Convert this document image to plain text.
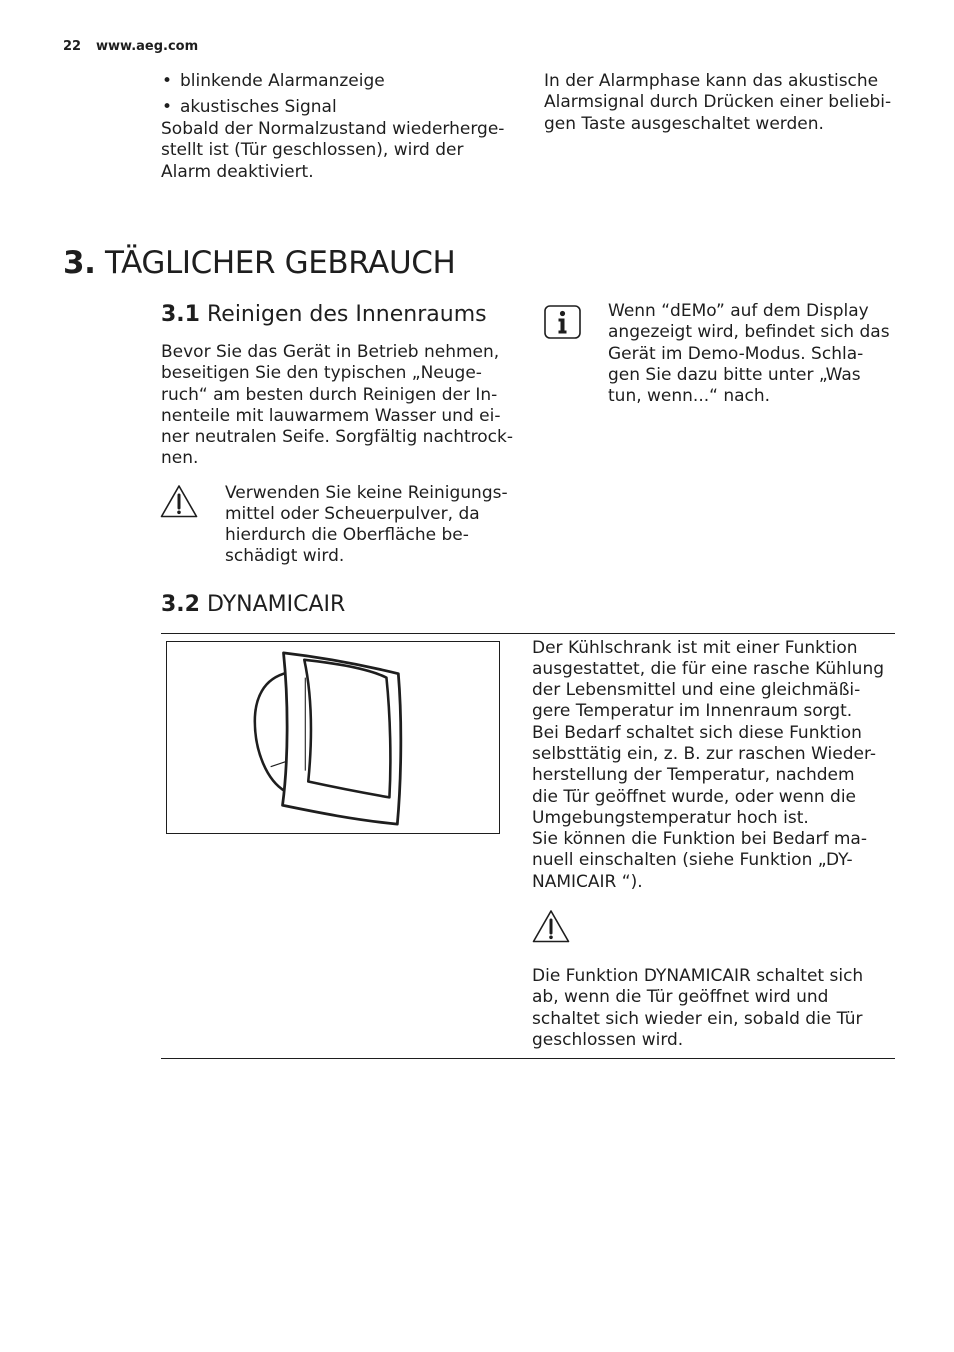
22 www.aeg.com
• blinkende Alarmanzeige
• akustisches Signal
Sobald der Normalzustand wiederherge-
stellt ist (Tür geschlossen), wird der
Alarm deaktiviert.
In der Alarmphase kann das akustische
Alarmsignal durch Drücken einer beliebi-
gen Taste ausgeschaltet werden.
3. TÄGLICHER GEBRAUCH
3.1 Reinigen des Innenraums
Bevor Sie das Gerät in Betrieb nehmen,
beseitigen Sie den typischen „Neuge-
ruch“ am besten durch Reinigen der In-
nenteile mit lauwarmem Wasser und ei-
ner neutralen Seife. Sorgfältig nachtrock-
nen.
Verwenden Sie keine Reinigungs-
mittel oder Scheuerpulver, da
hierdurch die Oberfläche be-
schädigt wird.
Wenn “dEMo” auf dem Display
angezeigt wird, befindet sich das
Gerät im Demo-Modus. Schla-
gen Sie dazu bitte unter „Was
tun, wenn...“ nach.
3.2 DYNAMICAIR
Der Kühlschrank ist mit einer Funktion
ausgestattet, die für eine rasche Kühlung
der Lebensmittel und eine gleichmäßi-
gere Temperatur im Innenraum sorgt.
Bei Bedarf schaltet sich diese Funktion
selbsttätig ein, z. B. zur raschen Wieder-
herstellung der Temperatur, nachdem
die Tür geöffnet wurde, oder wenn die
Umgebungstemperatur hoch ist.
Sie können die Funktion bei Bedarf ma-
nuell einschalten (siehe Funktion „DY-
NAMICAIR “).
Die Funktion DYNAMICAIR schaltet sich
ab, wenn die Tür geöffnet wird und
schaltet sich wieder ein, sobald die Tür
geschlossen wird.
